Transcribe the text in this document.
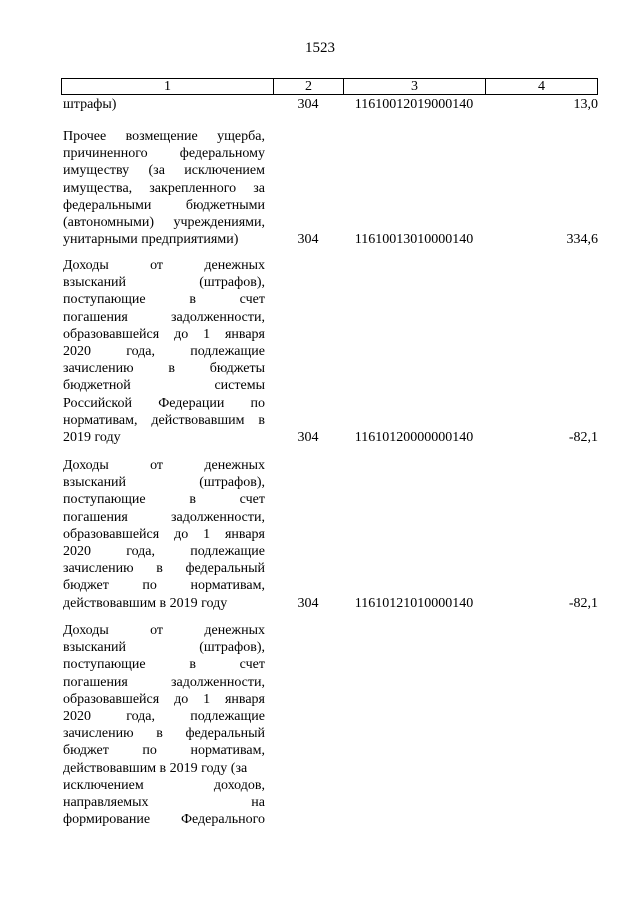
1523
1	2	3	4
штрафы)	304	11610012019000140	13,0
Прочее возмещение ущерба,
причиненного федеральному
имуществу (за исключением
имущества, закрепленного за
федеральными бюджетными
(автономными) учреждениями,
унитарными предприятиями)	304	11610013010000140	334,6
Доходы	от	денежных
взысканий	(штрафов),
поступающие	в	счет
погашения	задолженности,
образовавшейся до 1 января
2020	года,	подлежащие
зачислению в бюджеты
бюджетной	системы
Российской Федерации по
нормативам, действовавшим в
2019 году	304	11610120000000140	-82,1
Доходы	от	денежных
взысканий	(штрафов),
поступающие	в	счет
погашения	задолженности,
образовавшейся до 1 января
2020	года,	подлежащие
зачислению в федеральный
бюджет по нормативам,
действовавшим в 2019 году	304	11610121010000140	-82,1
Доходы	от	денежных
взысканий	(штрафов),
поступающие	в	счет
погашения	задолженности,
образовавшейся до 1 января
2020	года,	подлежащие
зачислению в федеральный
бюджет по нормативам,
действовавшим в 2019 году (за
исключением	доходов,
направляемых	на
формирование Федерального
